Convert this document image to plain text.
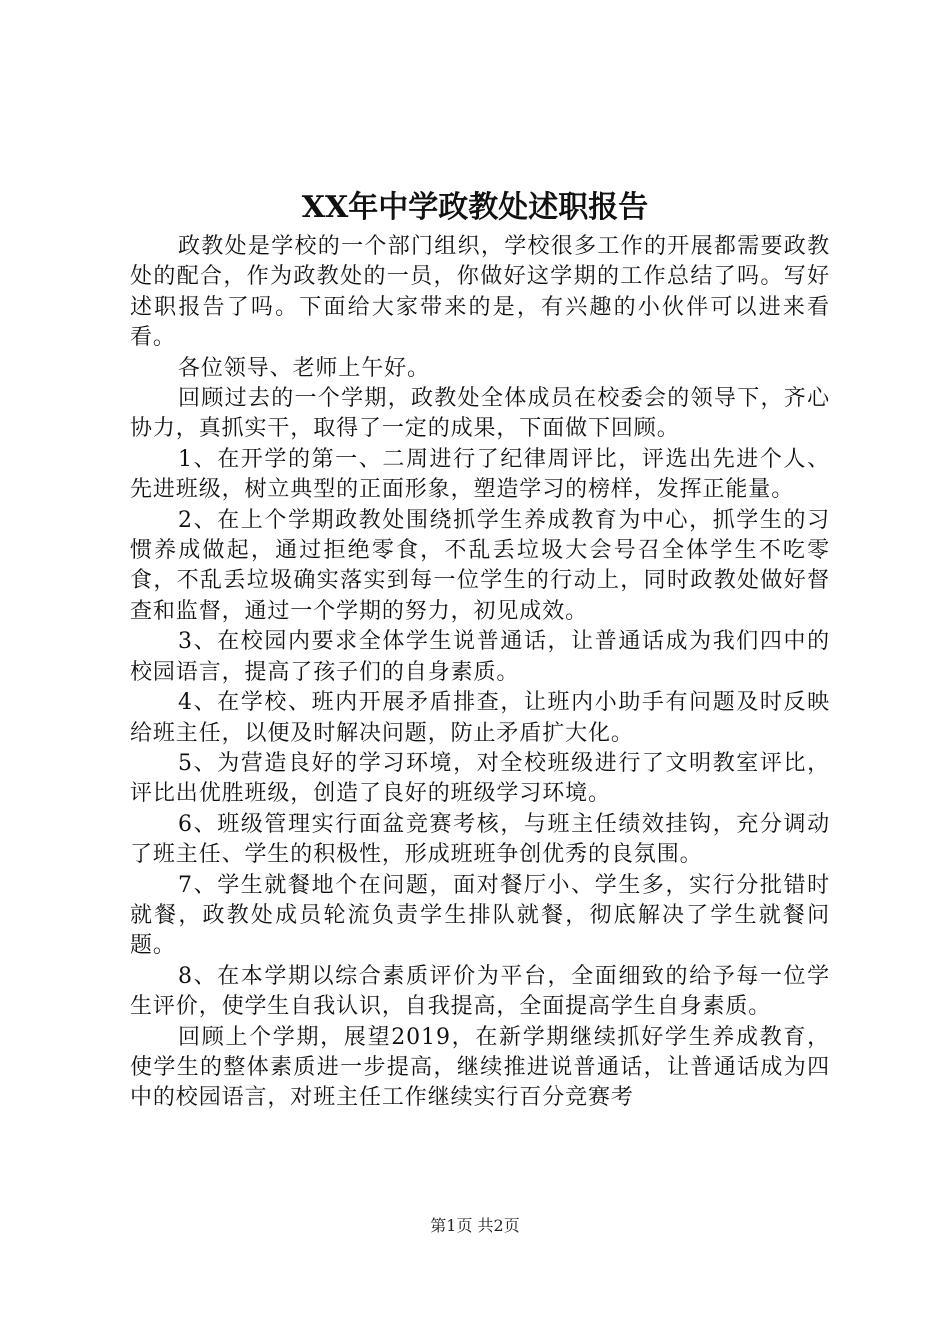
XX年中学政教处述职报告

政教处是学校的一个部门组织，学校很多工作的开展都需要政教处的配合，作为政教处的一员，你做好这学期的工作总结了吗。写好述职报告了吗。下面给大家带来的是，有兴趣的小伙伴可以进来看看。

各位领导、老师上午好。

回顾过去的一个学期，政教处全体成员在校委会的领导下，齐心协力，真抓实干，取得了一定的成果，下面做下回顾。

1、在开学的第一、二周进行了纪律周评比，评选出先进个人、先进班级，树立典型的正面形象，塑造学习的榜样，发挥正能量。

2、在上个学期政教处围绕抓学生养成教育为中心，抓学生的习惯养成做起，通过拒绝零食，不乱丢垃圾大会号召全体学生不吃零食，不乱丢垃圾确实落实到每一位学生的行动上，同时政教处做好督查和监督，通过一个学期的努力，初见成效。

3、在校园内要求全体学生说普通话，让普通话成为我们四中的校园语言，提高了孩子们的自身素质。

4、在学校、班内开展矛盾排查，让班内小助手有问题及时反映给班主任，以便及时解决问题，防止矛盾扩大化。

5、为营造良好的学习环境，对全校班级进行了文明教室评比，评比出优胜班级，创造了良好的班级学习环境。

6、班级管理实行面盆竞赛考核，与班主任绩效挂钩，充分调动了班主任、学生的积极性，形成班班争创优秀的良氛围。

7、学生就餐地个在问题，面对餐厅小、学生多，实行分批错时就餐，政教处成员轮流负责学生排队就餐，彻底解决了学生就餐问题。

8、在本学期以综合素质评价为平台，全面细致的给予每一位学生评价，使学生自我认识，自我提高，全面提高学生自身素质。

回顾上个学期，展望2019，在新学期继续抓好学生养成教育，使学生的整体素质进一步提高，继续推进说普通话，让普通话成为四中的校园语言，对班主任工作继续实行百分竞赛考

第1页 共2页
